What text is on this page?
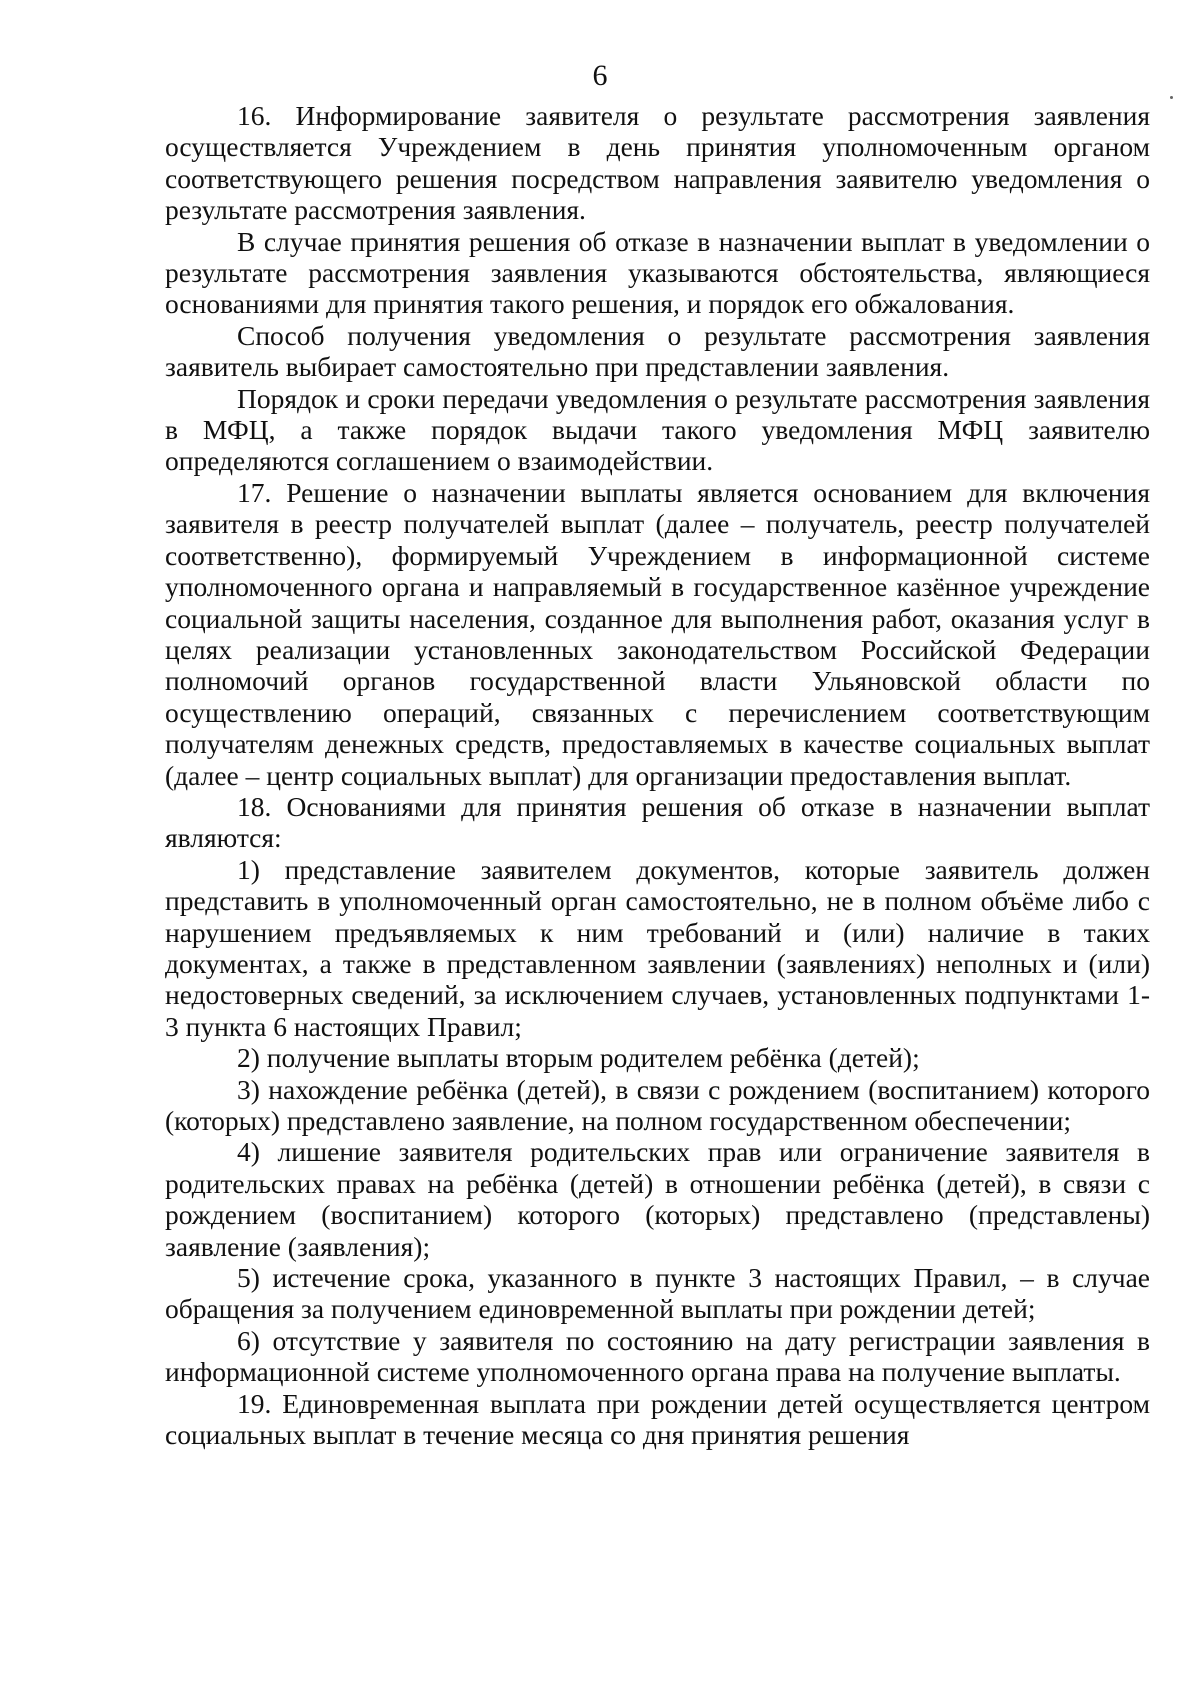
6

16. Информирование заявителя о результате рассмотрения заявления осуществляется Учреждением в день принятия уполномоченным органом соответствующего решения посредством направления заявителю уведомления о результате рассмотрения заявления.

В случае принятия решения об отказе в назначении выплат в уведомлении о результате рассмотрения заявления указываются обстоятельства, являющиеся основаниями для принятия такого решения, и порядок его обжалования.

Способ получения уведомления о результате рассмотрения заявления заявитель выбирает самостоятельно при представлении заявления.

Порядок и сроки передачи уведомления о результате рассмотрения заявления в МФЦ, а также порядок выдачи такого уведомления МФЦ заявителю определяются соглашением о взаимодействии.

17. Решение о назначении выплаты является основанием для включения заявителя в реестр получателей выплат (далее – получатель, реестр получателей соответственно), формируемый Учреждением в информационной системе уполномоченного органа и направляемый в государственное казённое учреждение социальной защиты населения, созданное для выполнения работ, оказания услуг в целях реализации установленных законодательством Российской Федерации полномочий органов государственной власти Ульяновской области по осуществлению операций, связанных с перечислением соответствующим получателям денежных средств, предоставляемых в качестве социальных выплат (далее – центр социальных выплат) для организации предоставления выплат.

18. Основаниями для принятия решения об отказе в назначении выплат являются:

1) представление заявителем документов, которые заявитель должен представить в уполномоченный орган самостоятельно, не в полном объёме либо с нарушением предъявляемых к ним требований и (или) наличие в таких документах, а также в представленном заявлении (заявлениях) неполных и (или) недостоверных сведений, за исключением случаев, установленных подпунктами 1-3 пункта 6 настоящих Правил;

2) получение выплаты вторым родителем ребёнка (детей);

3) нахождение ребёнка (детей), в связи с рождением (воспитанием) которого (которых) представлено заявление, на полном государственном обеспечении;

4) лишение заявителя родительских прав или ограничение заявителя в родительских правах на ребёнка (детей) в отношении ребёнка (детей), в связи с рождением (воспитанием) которого (которых) представлено (представлены) заявление (заявления);

5) истечение срока, указанного в пункте 3 настоящих Правил, – в случае обращения за получением единовременной выплаты при рождении детей;

6) отсутствие у заявителя по состоянию на дату регистрации заявления в информационной системе уполномоченного органа права на получение выплаты.

19. Единовременная выплата при рождении детей осуществляется центром социальных выплат в течение месяца со дня принятия решения
